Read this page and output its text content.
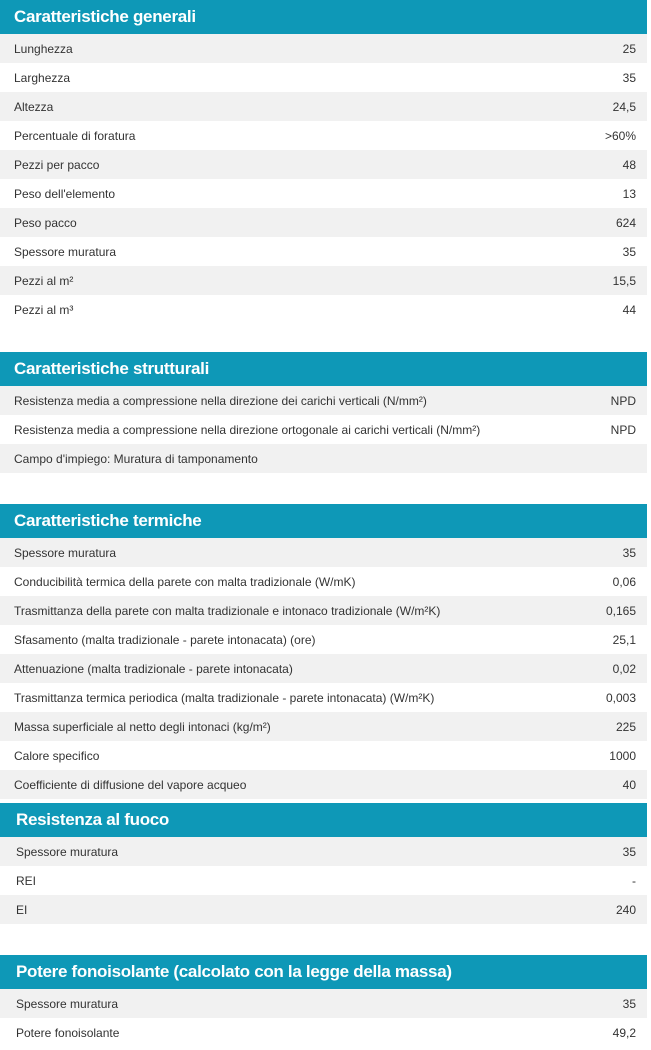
Caratteristiche generali
Lunghezza	25
Larghezza	35
Altezza	24,5
Percentuale di foratura	>60%
Pezzi per pacco	48
Peso dell'elemento	13
Peso pacco	624
Spessore muratura	35
Pezzi al m²	15,5
Pezzi al m³	44
Caratteristiche strutturali
Resistenza media a compressione nella direzione dei carichi verticali (N/mm²)	NPD
Resistenza media a compressione nella direzione ortogonale ai carichi verticali (N/mm²)	NPD
Campo d'impiego: Muratura di tamponamento
Caratteristiche termiche
Spessore muratura	35
Conducibilità termica della parete con malta tradizionale (W/mK)	0,06
Trasmittanza della parete con malta tradizionale e intonaco tradizionale (W/m²K)	0,165
Sfasamento (malta tradizionale - parete intonacata) (ore)	25,1
Attenuazione (malta tradizionale - parete intonacata)	0,02
Trasmittanza termica periodica (malta tradizionale - parete intonacata) (W/m²K)	0,003
Massa superficiale al netto degli intonaci (kg/m²)	225
Calore specifico	1000
Coefficiente di diffusione del vapore acqueo	40
Resistenza al fuoco
Spessore muratura	35
REI	-
EI	240
Potere fonoisolante (calcolato con la legge della massa)
Spessore muratura	35
Potere fonoisolante	49,2
